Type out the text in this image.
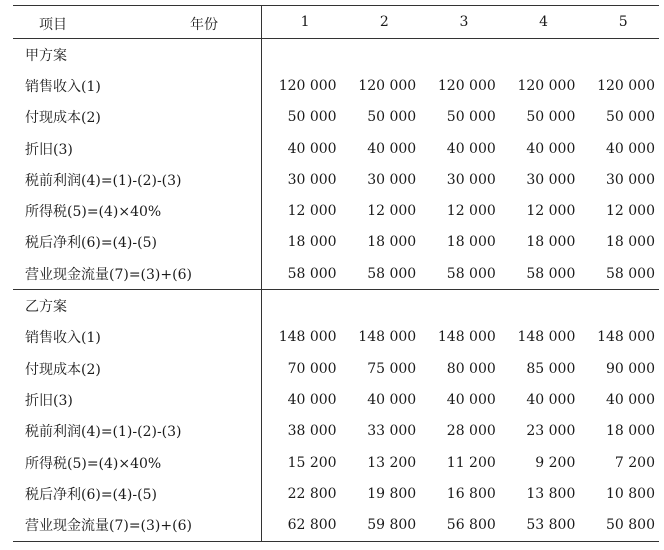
项目 年份	1	2	3	4	5
甲方案					
销售收入(1)	120 000	120 000	120 000	120 000	120 000
付现成本(2)	50 000	50 000	50 000	50 000	50 000
折旧(3)	40 000	40 000	40 000	40 000	40 000
税前利润(4)=(1)-(2)-(3)	30 000	30 000	30 000	30 000	30 000
所得税(5)=(4)×40%	12 000	12 000	12 000	12 000	12 000
税后净利(6)=(4)-(5)	18 000	18 000	18 000	18 000	18 000
营业现金流量(7)=(3)+(6)	58 000	58 000	58 000	58 000	58 000
乙方案					
销售收入(1)	148 000	148 000	148 000	148 000	148 000
付现成本(2)	70 000	75 000	80 000	85 000	90 000
折旧(3)	40 000	40 000	40 000	40 000	40 000
税前利润(4)=(1)-(2)-(3)	38 000	33 000	28 000	23 000	18 000
所得税(5)=(4)×40%	15 200	13 200	11 200	9 200	7 200
税后净利(6)=(4)-(5)	22 800	19 800	16 800	13 800	10 800
营业现金流量(7)=(3)+(6)	62 800	59 800	56 800	53 800	50 800
